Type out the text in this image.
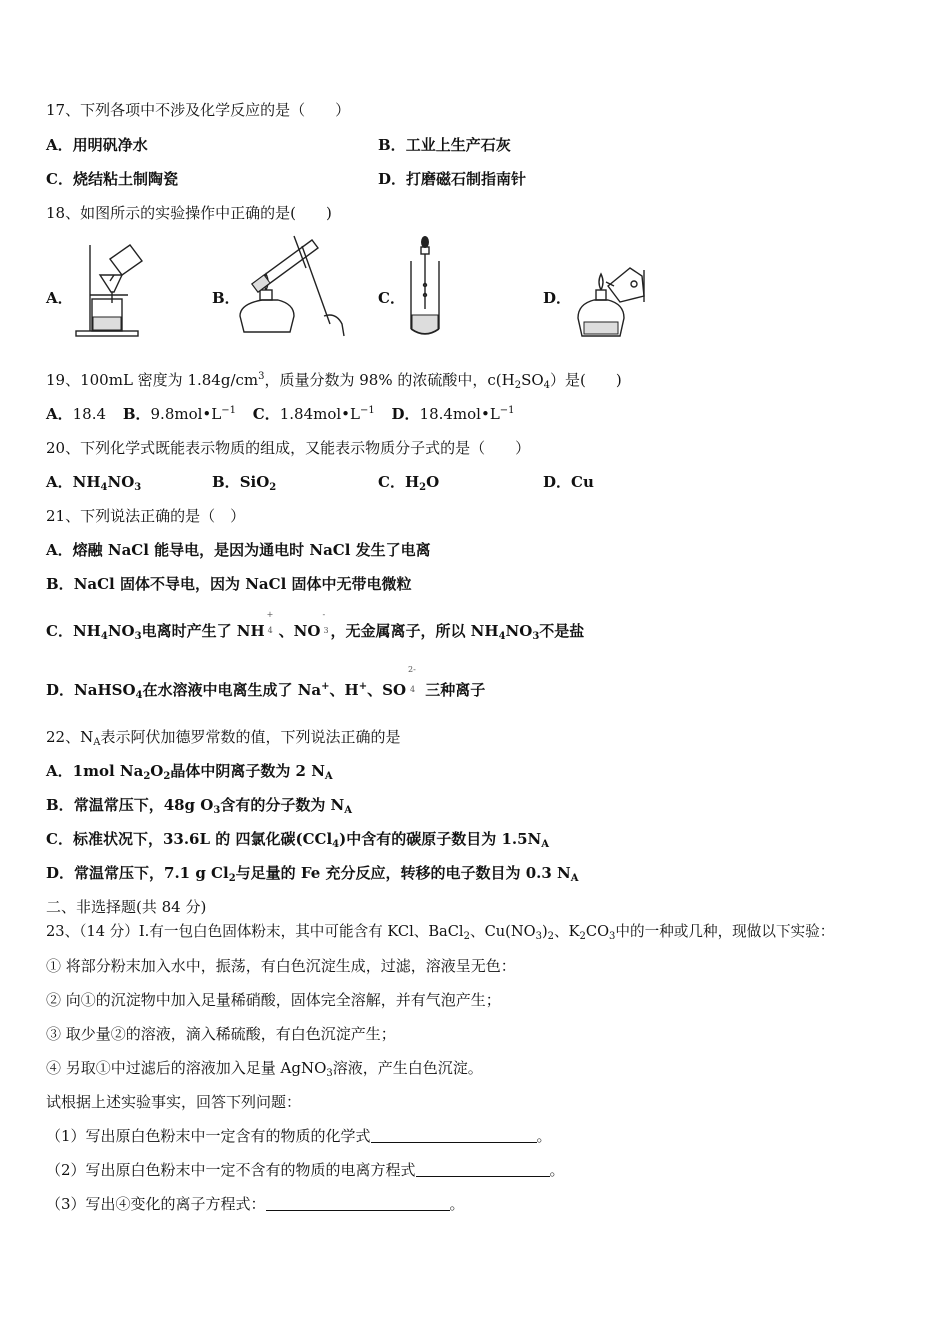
17、下列各项中不涉及化学反应的是（　　）
A．用明矾净水	B．工业上生产石灰
C．烧结粘土制陶瓷	D．打磨磁石制指南针
18、如图所示的实验操作中正确的是(　　)
A．	B．	C．	D．
19、100mL 密度为 $1.84g/cm^3$，质量分数为 98% 的浓硫酸中，$c(H_2SO_4)$是(　　)
A．18.4 B．$9.8mol•L^{-1}$ C．$1.84mol•L^{-1}$ D．$18.4mol•L^{-1}$
20、下列化学式既能表示物质的组成，又能表示物质分子式的是（　　）
A．$NH_4NO_3$	B．SiO$_2$	C．$H_2O$	D．Cu
21、下列说法正确的是（　）
A．熔融 NaCl 能导电，是因为通电时 NaCl 发生了电离
B．NaCl 固体不导电，因为 NaCl 固体中无带电微粒
C．$NH_4NO_3$电离时产生了 NH
+
4 、NO
-
3 ，无金属离子，所以 $NH_4NO_3$不是盐
D．NaHSO$_4$在水溶液中电离生成了 Na+、H+、SO
2-
4 三种离子
22、$N_A$表示阿伏加德罗常数的值，下列说法正确的是
A．1mol $Na_2O_2$晶体中阴离子数为 2 $N_A$
B．常温常压下，48g $O_3$含有的分子数为 $N_A$
C．标准状况下，33.6L 的 四氯化碳(CCl$_4$)中含有的碳原子数目为 $1.5N_A$
D．常温常压下，7.1 g $Cl_2$与足量的 Fe 充分反应，转移的电子数目为 0.3 $N_A$
二、非选择题(共 84 分)
23、（14 分）Ⅰ.有一包白色固体粉末，其中可能含有 KCl、BaCl$_2$、$Cu(NO_3)_2$、$K_2CO_3$中的一种或几种，现做以下实验：
① 将部分粉末加入水中，振荡，有白色沉淀生成，过滤，溶液呈无色：
② 向①的沉淀物中加入足量稀硝酸，固体完全溶解，并有气泡产生；
③ 取少量②的溶液，滴入稀硫酸，有白色沉淀产生；
④ 另取①中过滤后的溶液加入足量 AgNO$_3$溶液，产生白色沉淀。
试根据上述实验事实，回答下列问题：
（1）写出原白色粉末中一定含有的物质的化学式	。
（2）写出原白色粉末中一定不含有的物质的电离方程式	。
（3）写出④变化的离子方程式：	。
